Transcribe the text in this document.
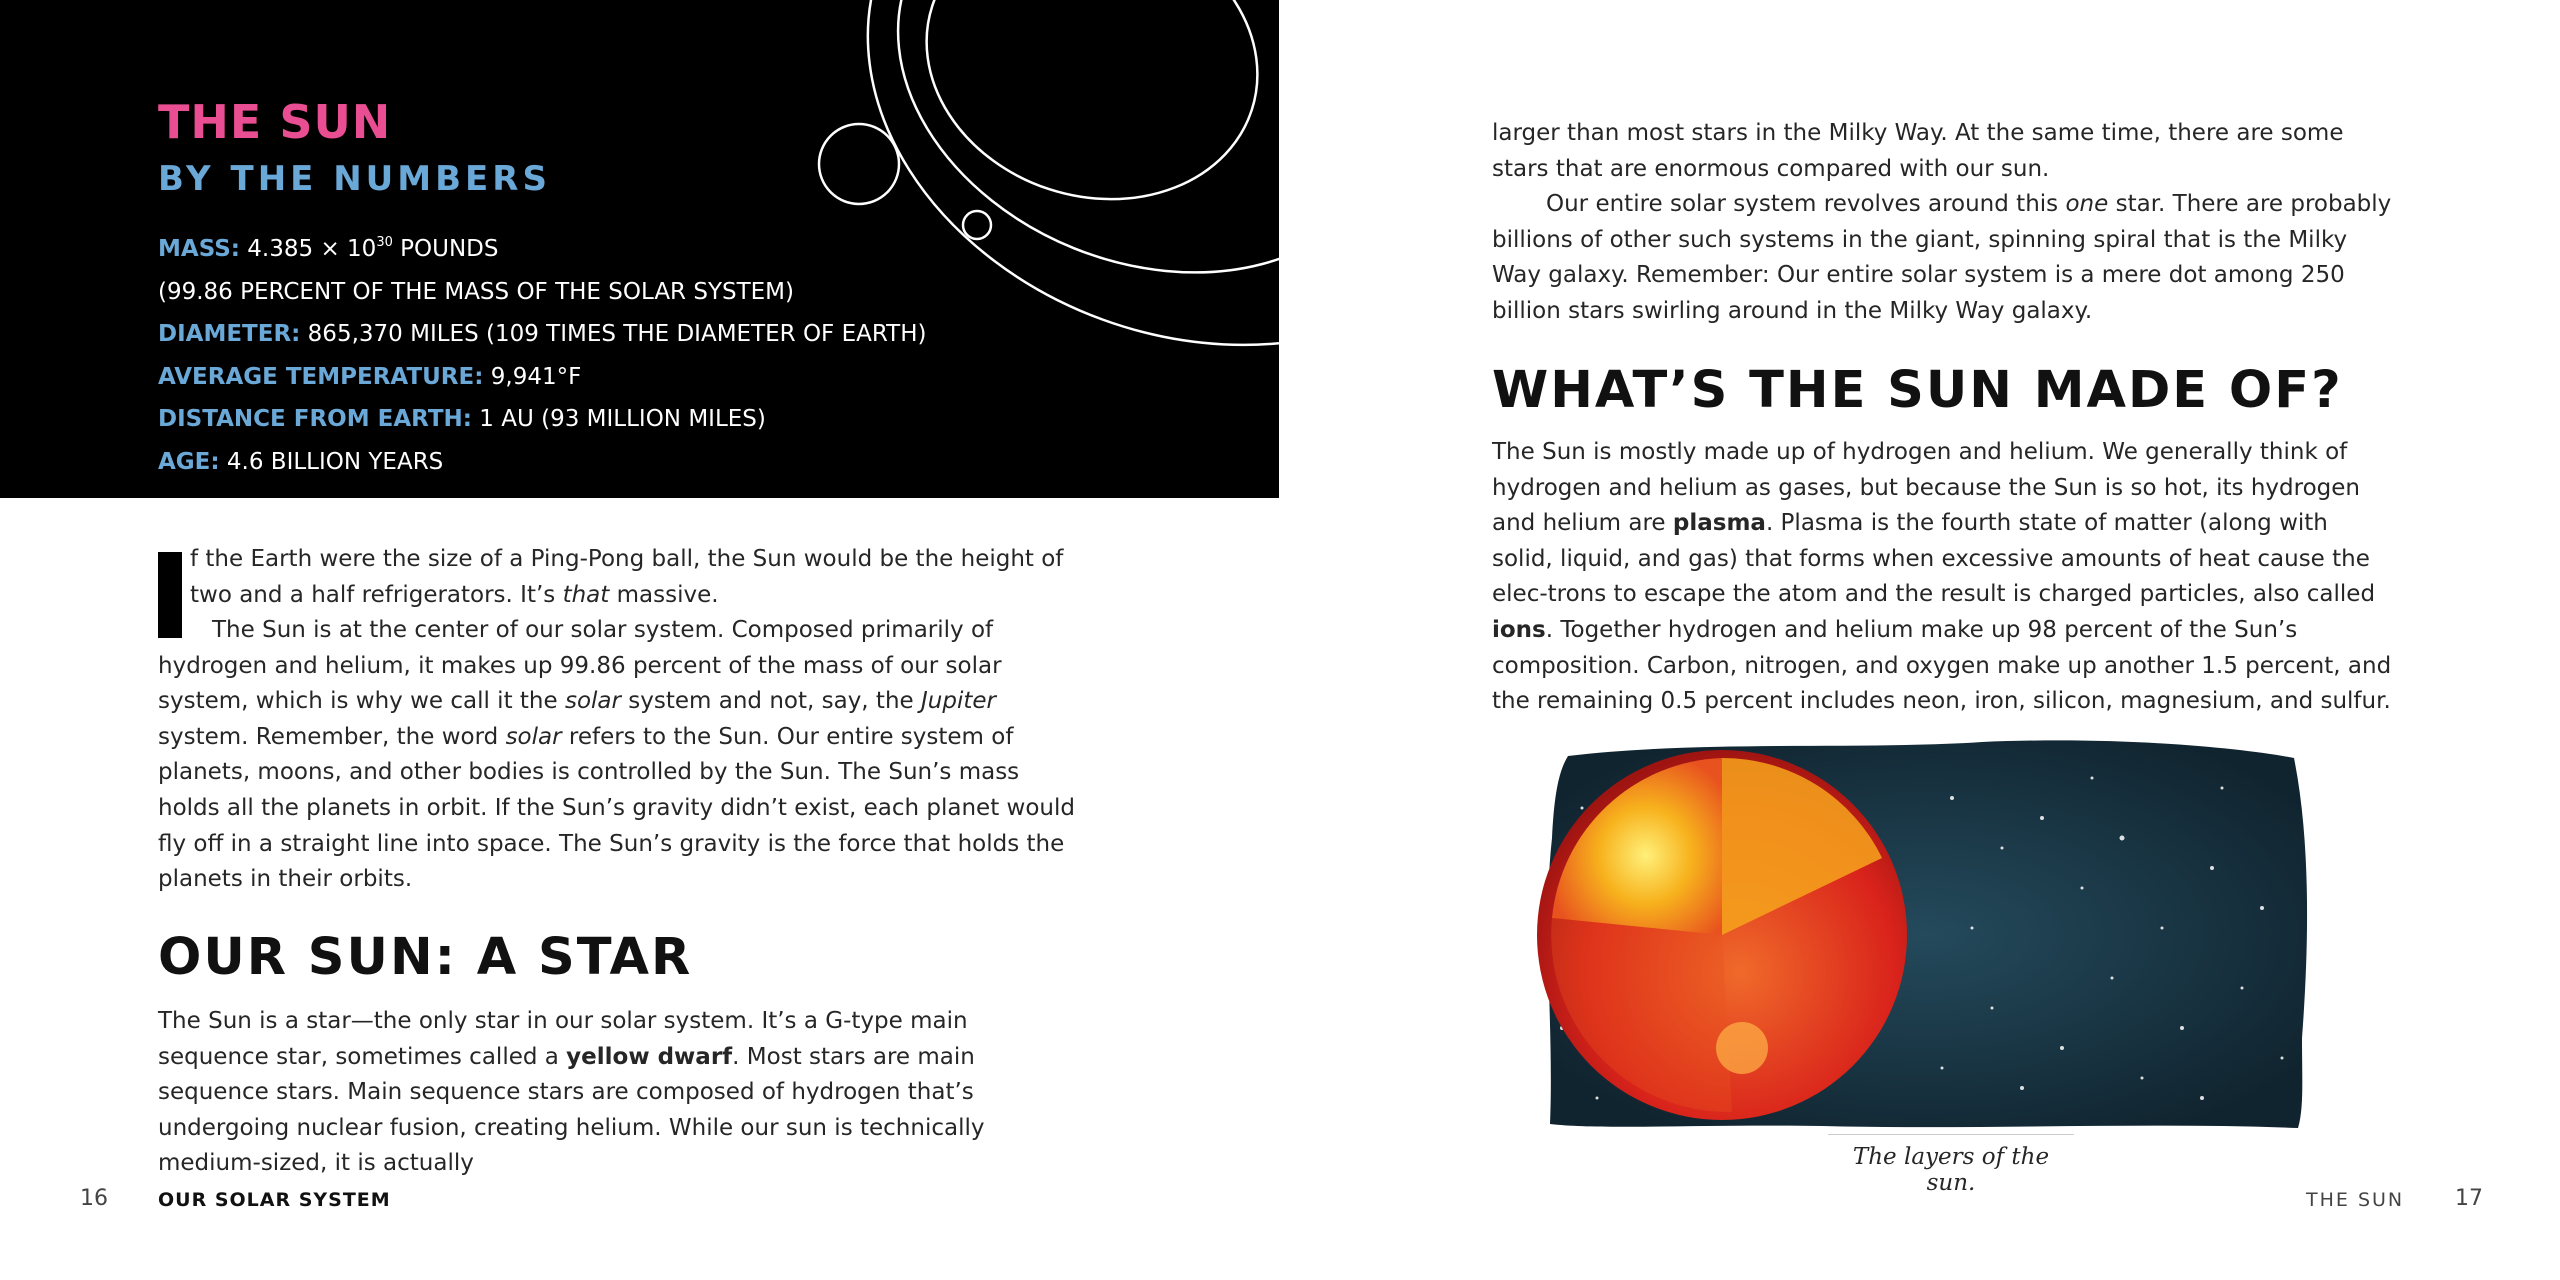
THE SUN
BY THE NUMBERS
MASS: $4.385 \times 10^{30}$ POUNDS
(99.86 PERCENT OF THE MASS OF THE SOLAR SYSTEM)
DIAMETER: 865,370 MILES (109 TIMES THE DIAMETER OF EARTH)
AVERAGE TEMPERATURE: 9,941°F
DISTANCE FROM EARTH: 1 AU (93 MILLION MILES)
AGE: 4.6 BILLION YEARS

f the Earth were the size of a Ping-Pong ball, the Sun would be the height of
two and a half refrigerators. It’s that massive.

The Sun is at the center of our solar system. Composed primarily of hydrogen and helium, it makes up 99.86 percent of the mass of our solar system, which is why we call it the solar system and not, say, the Jupiter system. Remember, the word solar refers to the Sun. Our entire system of planets, moons, and other bodies is controlled by the Sun. The Sun’s mass holds all the planets in orbit. If the Sun’s gravity didn’t exist, each planet would fly off in a straight line into space. The Sun’s gravity is the force that holds the planets in their orbits.

OUR SUN: A STAR

The Sun is a star—the only star in our solar system. It’s a G-type main sequence star, sometimes called a yellow dwarf. Most stars are main sequence stars. Main sequence stars are composed of hydrogen that’s undergoing nuclear fusion, creating helium. While our sun is technically medium-sized, it is actually

16	OUR SOLAR SYSTEM

larger than most stars in the Milky Way. At the same time, there are some stars that are enormous compared with our sun.

Our entire solar system revolves around this one star. There are probably billions of other such systems in the giant, spinning spiral that is the Milky Way galaxy. Remember: Our entire solar system is a mere dot among 250 billion stars swirling around in the Milky Way galaxy.

WHAT’S THE SUN MADE OF?

The Sun is mostly made up of hydrogen and helium. We generally think of hydrogen and helium as gases, but because the Sun is so hot, its hydrogen and helium are plasma. Plasma is the fourth state of matter (along with solid, liquid, and gas) that forms when excessive amounts of heat cause the elec-trons to escape the atom and the result is charged particles, also called ions. Together hydrogen and helium make up 98 percent of the Sun’s composition. Carbon, nitrogen, and oxygen make up another 1.5 percent, and the remaining 0.5 percent includes neon, iron, silicon, magnesium, and sulfur.

The layers of the sun.

THE SUN 17
